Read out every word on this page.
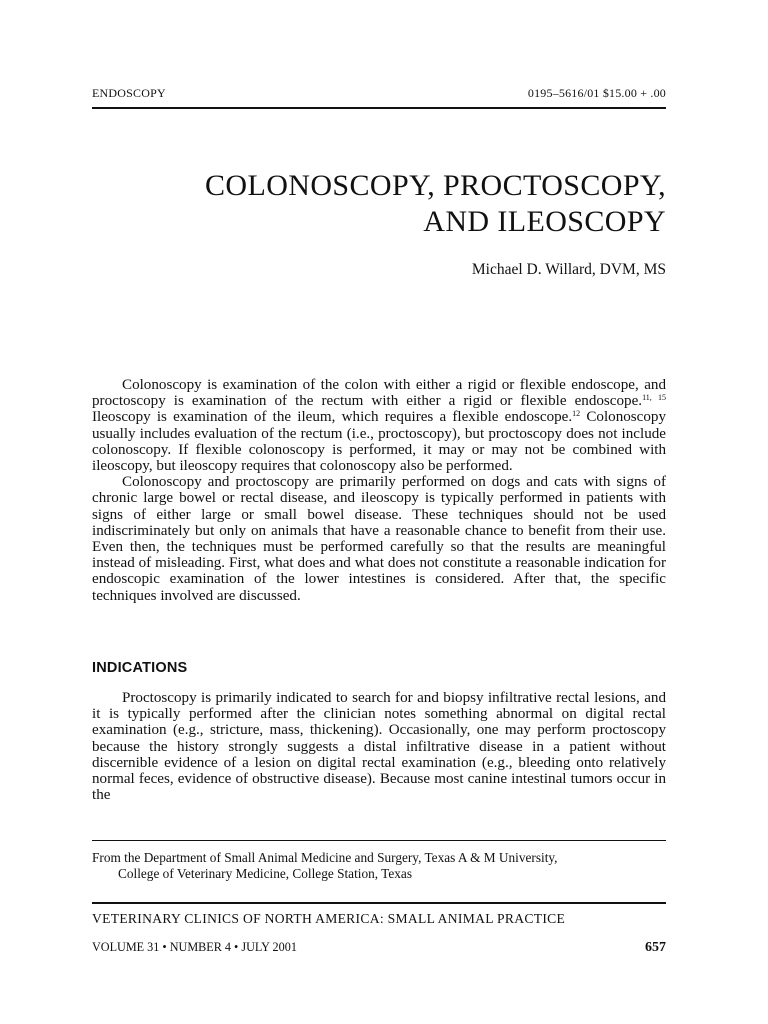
ENDOSCOPY	0195–5616/01 $15.00 + .00
COLONOSCOPY, PROCTOSCOPY,
AND ILEOSCOPY
Michael D. Willard, DVM, MS

Colonoscopy is examination of the colon with either a rigid or flexible endoscope, and proctoscopy is examination of the rectum with either a rigid or flexible endoscope.$^{11, 15}$ Ileoscopy is examination of the ileum, which requires a flexible endoscope.$^{12}$ Colonoscopy usually includes evaluation of the rectum (i.e., proctoscopy), but proctoscopy does not include colonoscopy. If flexible colonoscopy is performed, it may or may not be combined with ileoscopy, but ileoscopy requires that colonoscopy also be performed.

Colonoscopy and proctoscopy are primarily performed on dogs and cats with signs of chronic large bowel or rectal disease, and ileoscopy is typically performed in patients with signs of either large or small bowel disease. These techniques should not be used indiscriminately but only on animals that have a reasonable chance to benefit from their use. Even then, the techniques must be performed carefully so that the results are meaningful instead of misleading. First, what does and what does not constitute a reasonable indication for endoscopic examination of the lower intestines is considered. After that, the specific techniques involved are discussed.

INDICATIONS

Proctoscopy is primarily indicated to search for and biopsy infiltrative rectal lesions, and it is typically performed after the clinician notes something abnormal on digital rectal examination (e.g., stricture, mass, thickening). Occasionally, one may perform proctoscopy because the history strongly suggests a distal infiltrative disease in a patient without discernible evidence of a lesion on digital rectal examination (e.g., bleeding onto relatively normal feces, evidence of obstructive disease). Because most canine intestinal tumors occur in the

From the Department of Small Animal Medicine and Surgery, Texas A & M University,
College of Veterinary Medicine, College Station, Texas

VETERINARY CLINICS OF NORTH AMERICA: SMALL ANIMAL PRACTICE
VOLUME 31 • NUMBER 4 • JULY 2001	657
